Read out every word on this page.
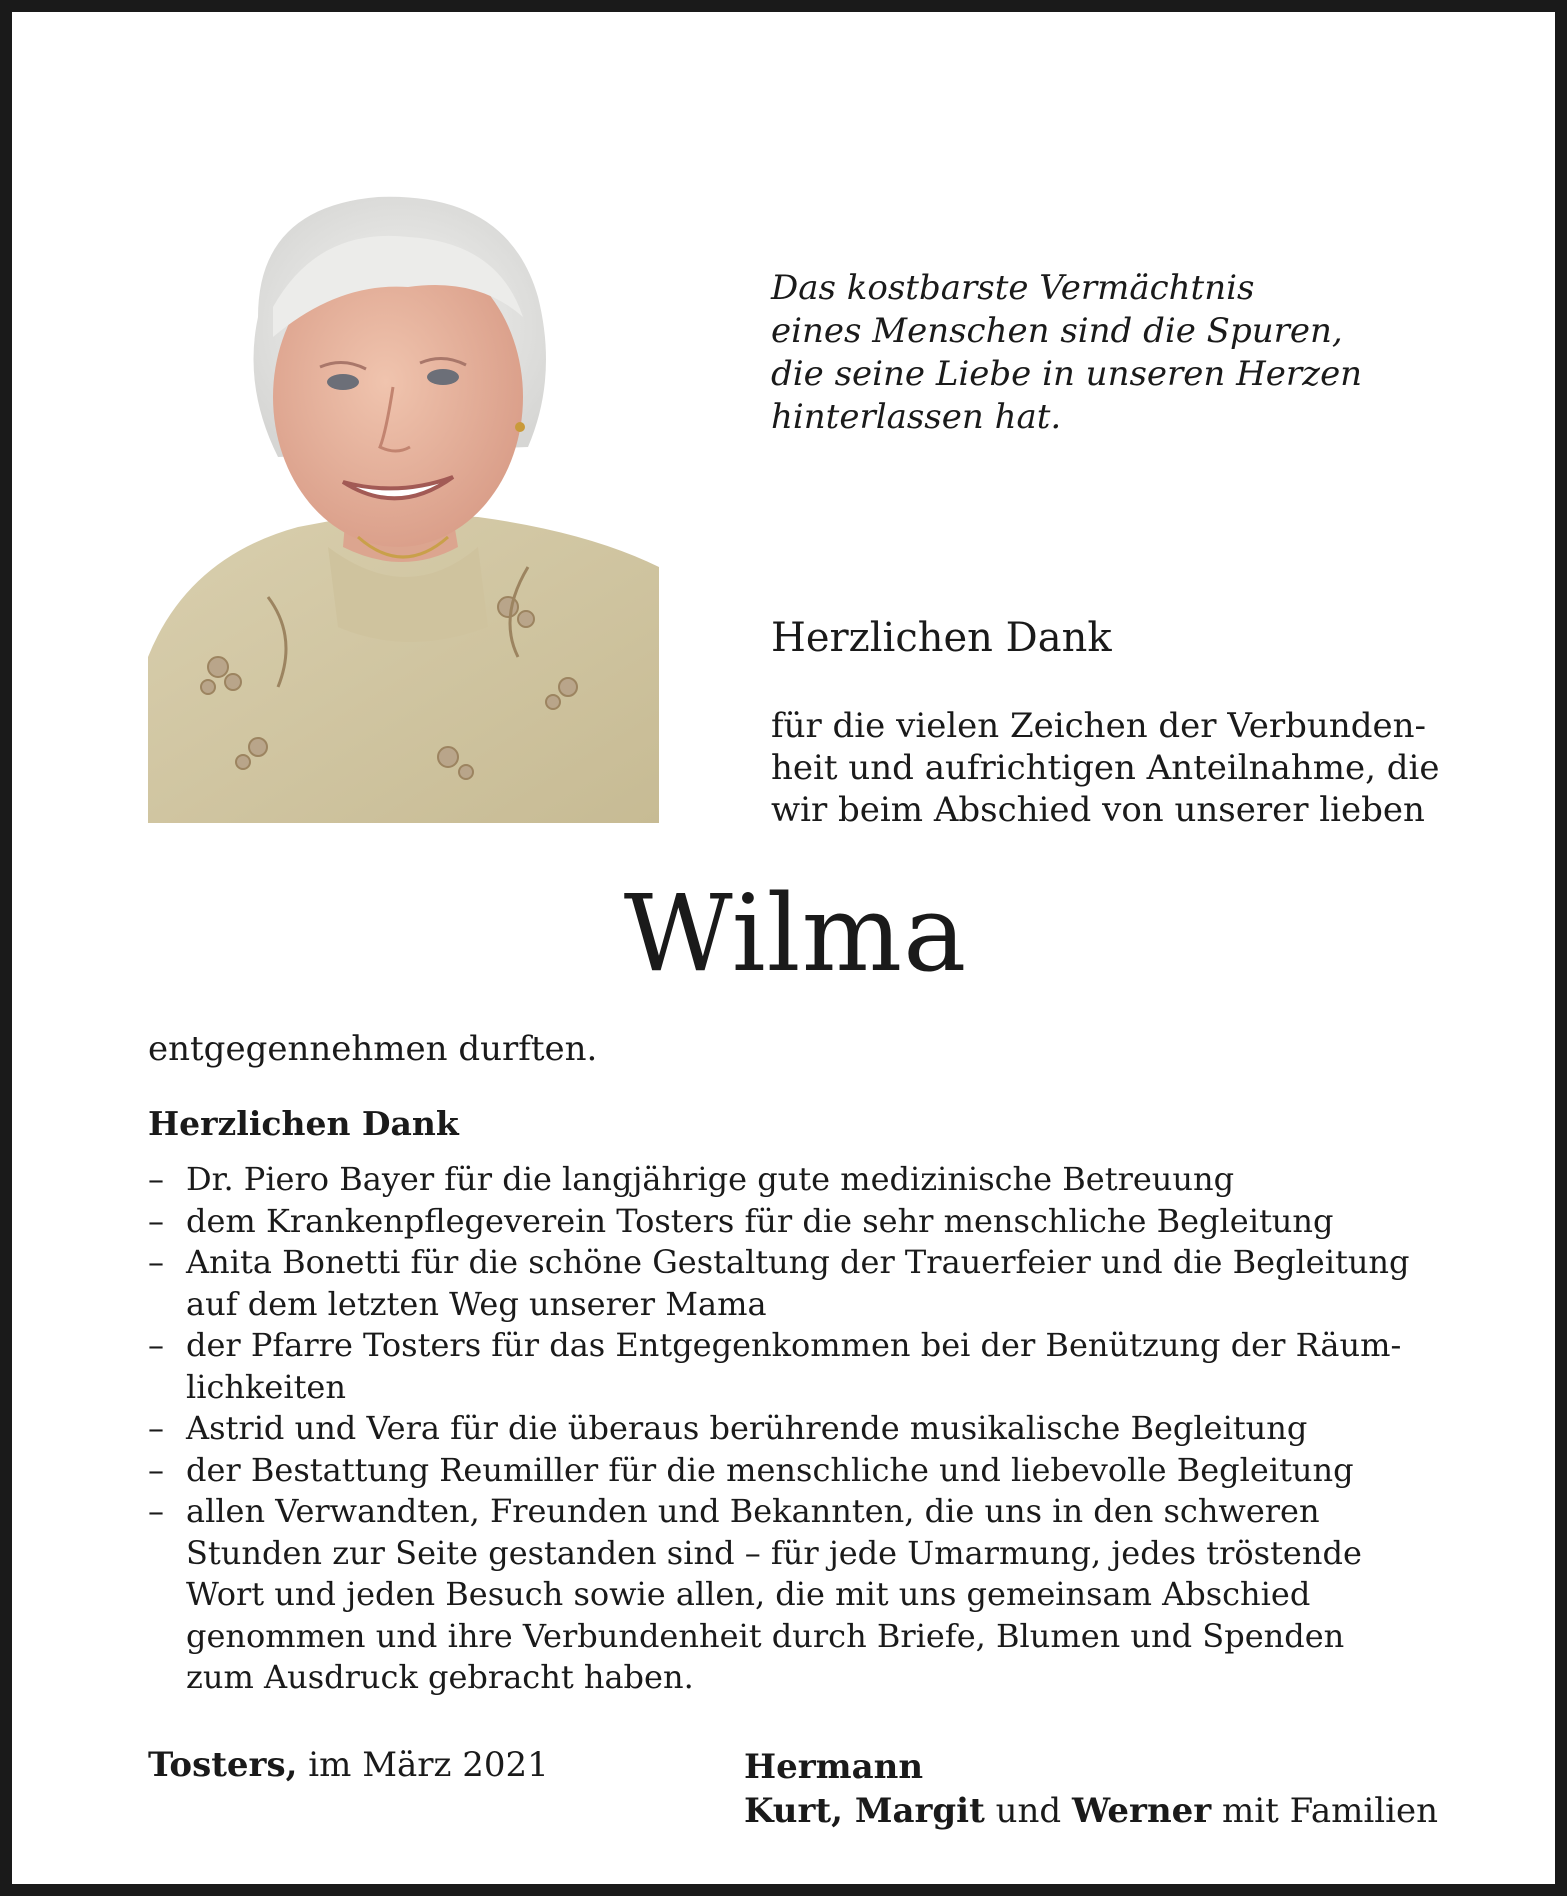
Das kostbarste Vermächtnis
eines Menschen sind die Spuren,
die seine Liebe in unseren Herzen
hinterlassen hat.
Herzlichen Dank
für die vielen Zeichen der Verbunden-
heit und aufrichtigen Anteilnahme, die
wir beim Abschied von unserer lieben
Wilma
entgegennehmen durften.
Herzlichen Dank
– Dr. Piero Bayer für die langjährige gute medizinische Betreuung
– dem Krankenpflegeverein Tosters für die sehr menschliche Begleitung
– Anita Bonetti für die schöne Gestaltung der Trauerfeier und die Begleitung
auf dem letzten Weg unserer Mama
– der Pfarre Tosters für das Entgegenkommen bei der Benützung der Räum-
lichkeiten
– Astrid und Vera für die überaus berührende musikalische Begleitung
– der Bestattung Reumiller für die menschliche und liebevolle Begleitung
– allen Verwandten, Freunden und Bekannten, die uns in den schweren
Stunden zur Seite gestanden sind – für jede Umarmung, jedes tröstende
Wort und jeden Besuch sowie allen, die mit uns gemeinsam Abschied
genommen und ihre Verbundenheit durch Briefe, Blumen und Spenden
zum Ausdruck gebracht haben.
Tosters, im März 2021	Hermann
Kurt, Margit und Werner mit Familien
